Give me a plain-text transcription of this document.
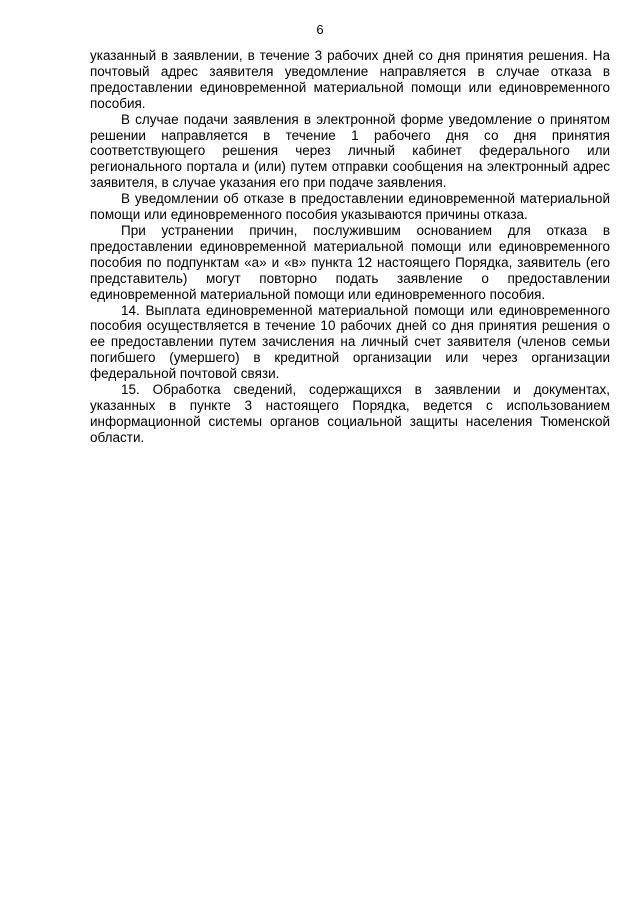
6

указанный в заявлении, в течение 3 рабочих дней со дня принятия решения. На почтовый адрес заявителя уведомление направляется в случае отказа в предоставлении единовременной материальной помощи или единовременного пособия.

В случае подачи заявления в электронной форме уведомление о принятом решении направляется в течение 1 рабочего дня со дня принятия соответствующего решения через личный кабинет федерального или регионального портала и (или) путем отправки сообщения на электронный адрес заявителя, в случае указания его при подаче заявления.

В уведомлении об отказе в предоставлении единовременной материальной помощи или единовременного пособия указываются причины отказа.

При устранении причин, послужившим основанием для отказа в предоставлении единовременной материальной помощи или единовременного пособия по подпунктам «а» и «в» пункта 12 настоящего Порядка, заявитель (его представитель) могут повторно подать заявление о предоставлении единовременной материальной помощи или единовременного пособия.

14. Выплата единовременной материальной помощи или единовременного пособия осуществляется в течение 10 рабочих дней со дня принятия решения о ее предоставлении путем зачисления на личный счет заявителя (членов семьи погибшего (умершего) в кредитной организации или через организации федеральной почтовой связи.

15. Обработка сведений, содержащихся в заявлении и документах, указанных в пункте 3 настоящего Порядка, ведется с использованием информационной системы органов социальной защиты населения Тюменской области.
